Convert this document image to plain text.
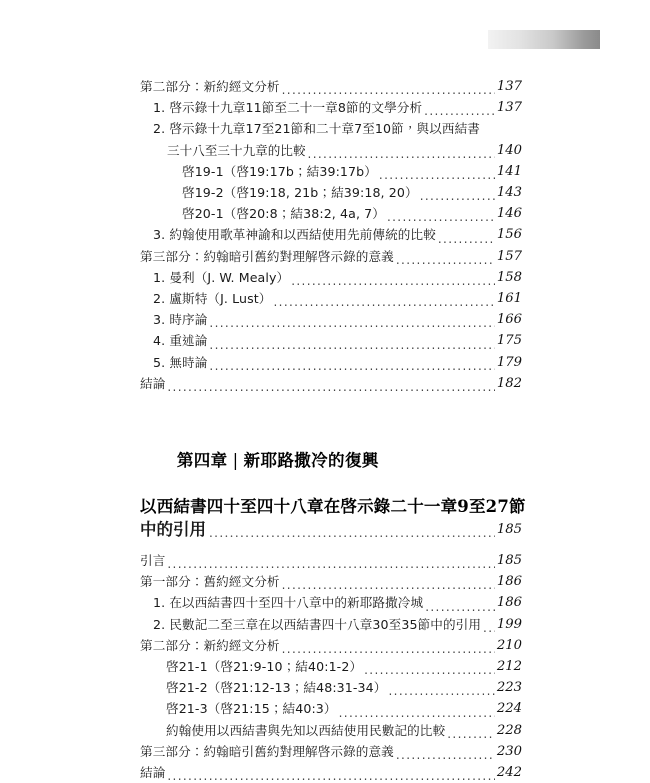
第二部分：新約經文分析 .....	137
1. 啓示錄十九章11節至二十一章8節的文學分析 .....	137
2. 啓示錄十九章17至21節和二十章7至10節，與以西結書
三十八至三十九章的比較 .....	140
啓19-1（啓19:17b；結39:17b） .....	141
啓19-2（啓19:18, 21b；結39:18, 20） .....	143
啓20-1（啓20:8；結38:2, 4a, 7） .....	146
3. 約翰使用歌革神諭和以西結使用先前傳統的比較 .....	156
第三部分：約翰暗引舊約對理解啓示錄的意義 .....	157
1. 曼利（J. W. Mealy） .....	158
2. 盧斯特（J. Lust） .....	161
3. 時序論 .....	166
4. 重述論 .....	175
5. 無時論 .....	179
結論 .....	182

第四章 | 新耶路撒冷的復興

以西結書四十至四十八章在啓示錄二十一章9至27節
中的引用 .....	185
引言 .....	185
第一部分：舊約經文分析 .....	186
1. 在以西結書四十至四十八章中的新耶路撒冷城 .....	186
2. 民數記二至三章在以西結書四十八章30至35節中的引用 ..... 199
第二部分：新約經文分析 .....	210
啓21-1（啓21:9-10；結40:1-2） .....	212
啓21-2（啓21:12-13；結48:31-34） .....	223
啓21-3（啓21:15；結40:3） .....	224
約翰使用以西結書與先知以西結使用民數記的比較 .....	228
第三部分：約翰暗引舊約對理解啓示錄的意義 .....	230
結論 .....	242
